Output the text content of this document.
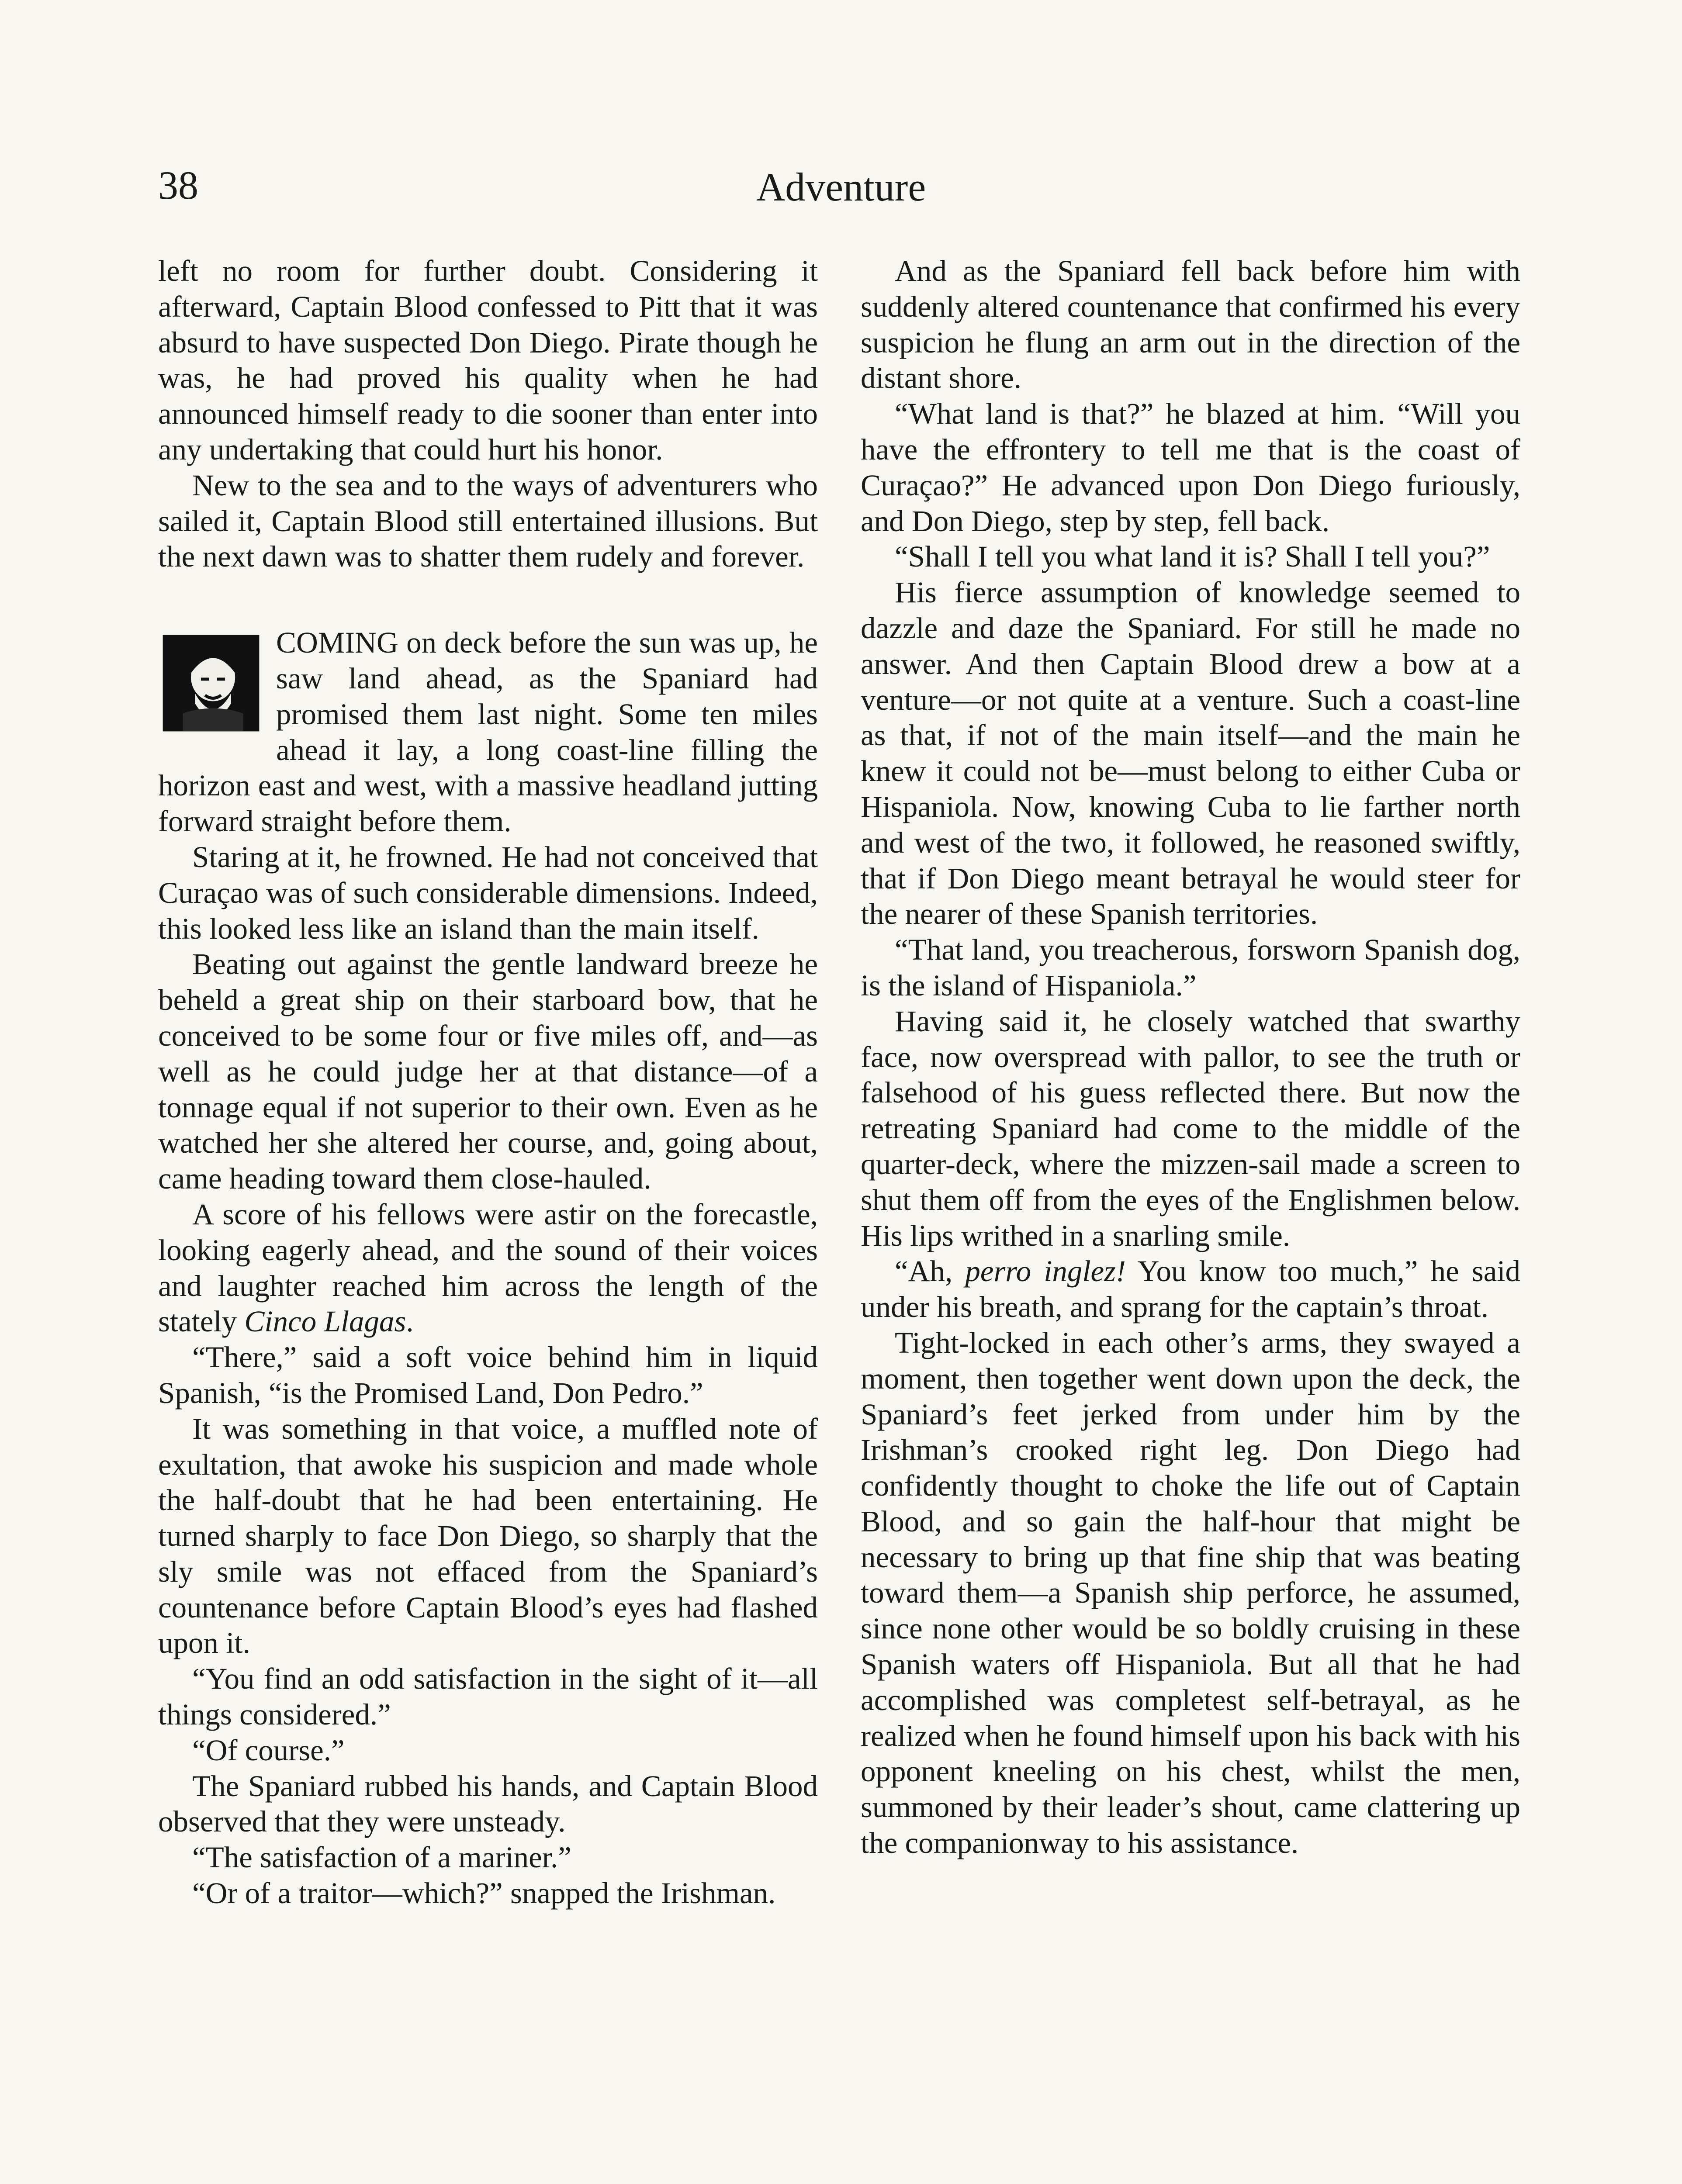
38	Adventure

left no room for further doubt. Considering it afterward, Captain Blood confessed to Pitt that it was absurd to have suspected Don Diego. Pirate though he was, he had proved his quality when he had announced himself ready to die sooner than enter into any undertaking that could hurt his honor.

New to the sea and to the ways of adventurers who sailed it, Captain Blood still entertained illusions. But the next dawn was to shatter them rudely and forever.

COMING on deck before the sun was up, he saw land ahead, as the Spaniard had promised them last night. Some ten miles ahead it lay, a long coast-line filling the horizon east and west, with a massive headland jutting forward straight before them.

Staring at it, he frowned. He had not conceived that Curaçao was of such considerable dimensions. Indeed, this looked less like an island than the main itself.

Beating out against the gentle landward breeze he beheld a great ship on their starboard bow, that he conceived to be some four or five miles off, and—as well as he could judge her at that distance—of a tonnage equal if not superior to their own. Even as he watched her she altered her course, and, going about, came heading toward them close-hauled.

A score of his fellows were astir on the forecastle, looking eagerly ahead, and the sound of their voices and laughter reached him across the length of the stately Cinco Llagas.

“There,” said a soft voice behind him in liquid Spanish, “is the Promised Land, Don Pedro.”

It was something in that voice, a muffled note of exultation, that awoke his suspicion and made whole the half-doubt that he had been entertaining. He turned sharply to face Don Diego, so sharply that the sly smile was not effaced from the Spaniard’s countenance before Captain Blood’s eyes had flashed upon it.

“You find an odd satisfaction in the sight of it—all things considered.”

“Of course.”

The Spaniard rubbed his hands, and Captain Blood observed that they were unsteady.

“The satisfaction of a mariner.”

“Or of a traitor—which?” snapped the Irishman.

And as the Spaniard fell back before him with suddenly altered countenance that confirmed his every suspicion he flung an arm out in the direction of the distant shore.

“What land is that?” he blazed at him. “Will you have the effrontery to tell me that is the coast of Curaçao?” He advanced upon Don Diego furiously, and Don Diego, step by step, fell back.

“Shall I tell you what land it is? Shall I tell you?”

His fierce assumption of knowledge seemed to dazzle and daze the Spaniard. For still he made no answer. And then Captain Blood drew a bow at a venture—or not quite at a venture. Such a coast-line as that, if not of the main itself—and the main he knew it could not be—must belong to either Cuba or Hispaniola. Now, knowing Cuba to lie farther north and west of the two, it followed, he reasoned swiftly, that if Don Diego meant betrayal he would steer for the nearer of these Spanish territories.

“That land, you treacherous, forsworn Spanish dog, is the island of Hispaniola.”

Having said it, he closely watched that swarthy face, now overspread with pallor, to see the truth or falsehood of his guess reflected there. But now the retreating Spaniard had come to the middle of the quarter-deck, where the mizzen-sail made a screen to shut them off from the eyes of the Englishmen below. His lips writhed in a snarling smile.

“Ah, perro inglez! You know too much,” he said under his breath, and sprang for the captain’s throat.

Tight-locked in each other’s arms, they swayed a moment, then together went down upon the deck, the Spaniard’s feet jerked from under him by the Irishman’s crooked right leg. Don Diego had confidently thought to choke the life out of Captain Blood, and so gain the half-hour that might be necessary to bring up that fine ship that was beating toward them—a Spanish ship perforce, he assumed, since none other would be so boldly cruising in these Spanish waters off Hispaniola. But all that he had accomplished was completest self-betrayal, as he realized when he found himself upon his back with his opponent kneeling on his chest, whilst the men, summoned by their leader’s shout, came clattering up the companionway to his assistance.
